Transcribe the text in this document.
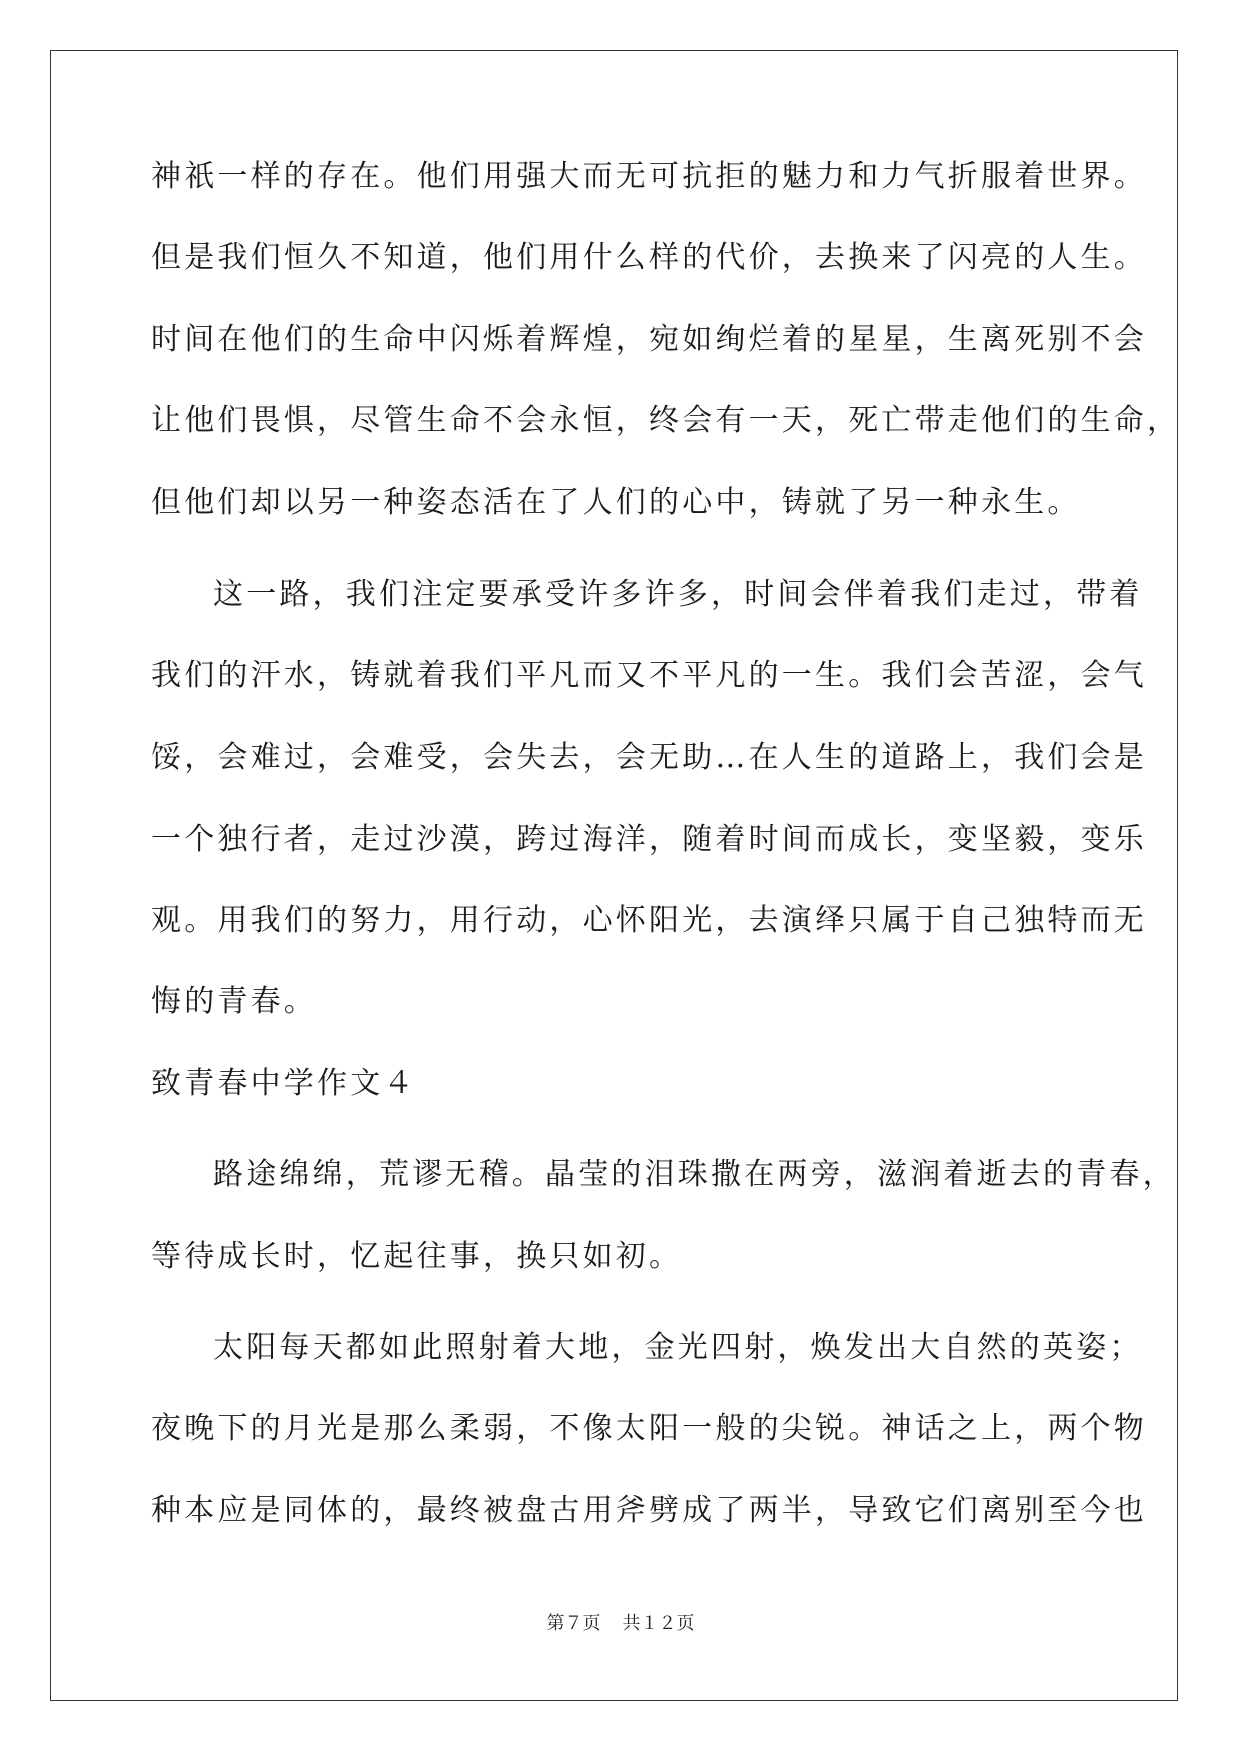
神祇一样的存在。他们用强大而无可抗拒的魅力和力气折服着世界。
但是我们恒久不知道，他们用什么样的代价，去换来了闪亮的人生。
时间在他们的生命中闪烁着辉煌，宛如绚烂着的星星，生离死别不会
让他们畏惧，尽管生命不会永恒，终会有一天，死亡带走他们的生命，
但他们却以另一种姿态活在了人们的心中，铸就了另一种永生。
这一路，我们注定要承受许多许多，时间会伴着我们走过，带着
我们的汗水，铸就着我们平凡而又不平凡的一生。我们会苦涩，会气
馁，会难过，会难受，会失去，会无助…在人生的道路上，我们会是
一个独行者，走过沙漠，跨过海洋，随着时间而成长，变坚毅，变乐
观。用我们的努力，用行动，心怀阳光，去演绎只属于自己独特而无
悔的青春。
致青春中学作文４
路途绵绵，荒谬无稽。晶莹的泪珠撒在两旁，滋润着逝去的青春，
等待成长时，忆起往事，换只如初。
太阳每天都如此照射着大地，金光四射，焕发出大自然的英姿；
夜晚下的月光是那么柔弱，不像太阳一般的尖锐。神话之上，两个物
种本应是同体的，最终被盘古用斧劈成了两半，导致它们离别至今也
第７页 共１２页
